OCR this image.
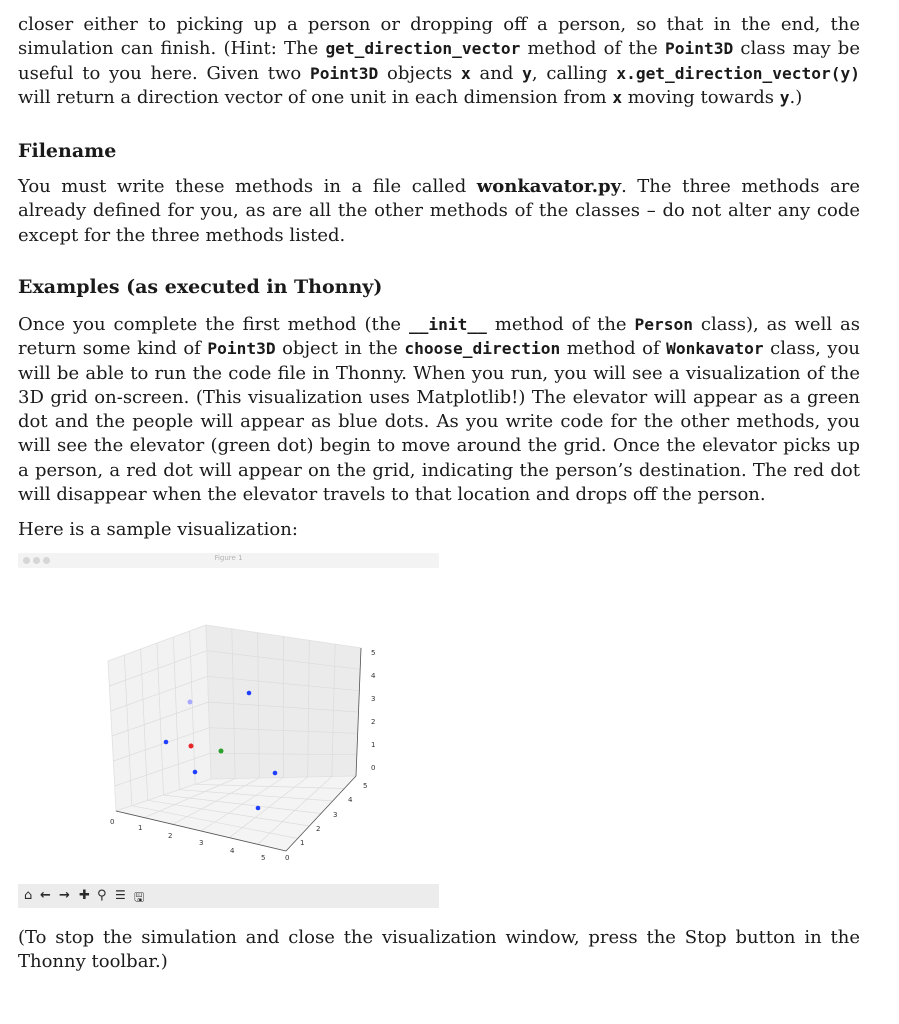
closer either to picking up a person or dropping off a person, so that in the end, the simulation can finish. (Hint: The get_direction_vector method of the Point3D class may be useful to you here. Given two Point3D objects x and y, calling x.get_direction_vector(y) will return a direction vector of one unit in each dimension from x moving towards y.)

Filename

You must write these methods in a file called wonkavator.py. The three methods are already defined for you, as are all the other methods of the classes – do not alter any code except for the three methods listed.

Examples (as executed in Thonny)

Once you complete the first method (the __init__ method of the Person class), as well as return some kind of Point3D object in the choose_direction method of Wonkavator class, you will be able to run the code file in Thonny. When you run, you will see a visualization of the 3D grid on-screen. (This visualization uses Matplotlib!) The elevator will appear as a green dot and the people will appear as blue dots. As you write code for the other methods, you will see the elevator (green dot) begin to move around the grid. Once the elevator picks up a person, a red dot will appear on the grid, indicating the person’s destination. The red dot will disappear when the elevator travels to that location and drops off the person.

Here is a sample visualization:

(To stop the simulation and close the visualization window, press the Stop button in the Thonny toolbar.)

Figure 1
5
4
3
2
1
0
0
1
2
3
4
5	0
1
2
3
4
5
⌂ ← → ✚ ⚲ ☰ 🖫
